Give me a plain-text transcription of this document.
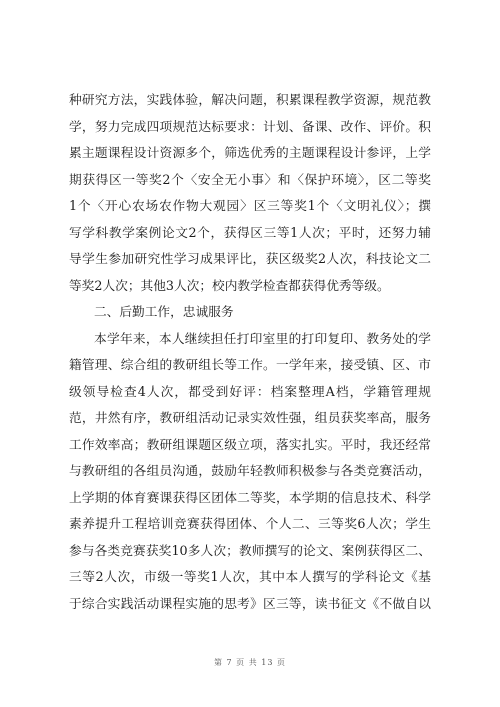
种研究方法，实践体验，解决问题，积累课程教学资源，规范教
学，努力完成四项规范达标要求：计划、备课、改作、评价。积
累主题课程设计资源多个，筛选优秀的主题课程设计参评，上学
期获得区一等奖2个〈安全无小事〉和〈保护环境〉，区二等奖
1个〈开心农场农作物大观园〉区三等奖1个〈文明礼仪〉；撰
写学科教学案例论文2个，获得区三等1人次；平时，还努力辅
导学生参加研究性学习成果评比，获区级奖2人次，科技论文二
等奖2人次；其他3人次；校内教学检查都获得优秀等级。
二、后勤工作，忠诚服务
本学年来，本人继续担任打印室里的打印复印、教务处的学
籍管理、综合组的教研组长等工作。一学年来，接受镇、区、市
级领导检查4人次，都受到好评：档案整理A档，学籍管理规
范，井然有序，教研组活动记录实效性强，组员获奖率高，服务
工作效率高；教研组课题区级立项，落实扎实。平时，我还经常
与教研组的各组员沟通，鼓励年轻教师积极参与各类竞赛活动，
上学期的体育赛课获得区团体二等奖，本学期的信息技术、科学
素养提升工程培训竞赛获得团体、个人二、三等奖6人次；学生
参与各类竞赛获奖10多人次；教师撰写的论文、案例获得区二、
三等2人次，市级一等奖1人次，其中本人撰写的学科论文《基
于综合实践活动课程实施的思考》区三等，读书征文《不做自以
第 7 页 共 13 页
